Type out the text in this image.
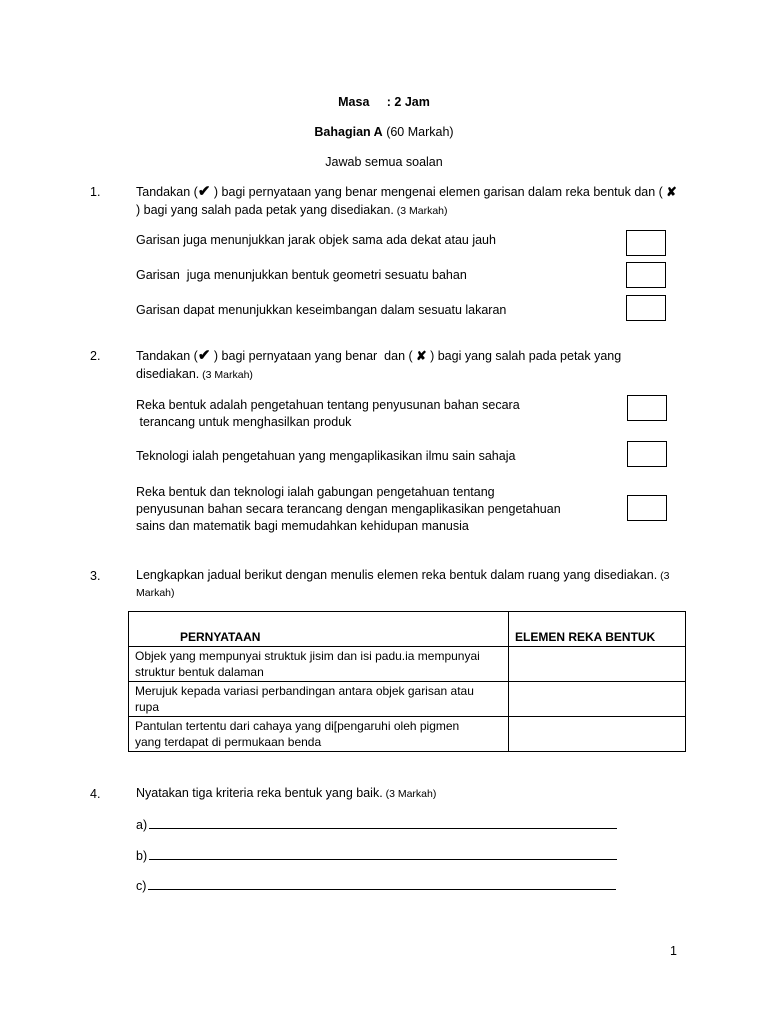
Masa     : 2 Jam
Bahagian A (60 Markah)
Jawab semua soalan
1.	Tandakan (✔ ) bagi pernyataan yang benar mengenai elemen garisan dalam reka bentuk dan ( ✘
) bagi yang salah pada petak yang disediakan. (3 Markah)
Garisan juga menunjukkan jarak objek sama ada dekat atau jauh
Garisan  juga menunjukkan bentuk geometri sesuatu bahan
Garisan dapat menunjukkan keseimbangan dalam sesuatu lakaran
2.	Tandakan (✔ ) bagi pernyataan yang benar  dan ( ✘ ) bagi yang salah pada petak yang
disediakan. (3 Markah)
Reka bentuk adalah pengetahuan tentang penyusunan bahan secara
terancang untuk menghasilkan produk
Teknologi ialah pengetahuan yang mengaplikasikan ilmu sain sahaja
Reka bentuk dan teknologi ialah gabungan pengetahuan tentang
penyusunan bahan secara terancang dengan mengaplikasikan pengetahuan
sains dan matematik bagi memudahkan kehidupan manusia
3.	Lengkapkan jadual berikut dengan menulis elemen reka bentuk dalam ruang yang disediakan. (3
Markah)
PERNYATAAN	ELEMEN REKA BENTUK

Objek yang mempunyai struktuk jisim dan isi padu.ia mempunyai
struktur bentuk dalaman	

Merujuk kepada variasi perbandingan antara objek garisan atau
rupa	

Pantulan tertentu dari cahaya yang di[pengaruhi oleh pigmen
yang terdapat di permukaan benda	

4.	Nyatakan tiga kriteria reka bentuk yang baik. (3 Markah)
a)
b)
c)
1
